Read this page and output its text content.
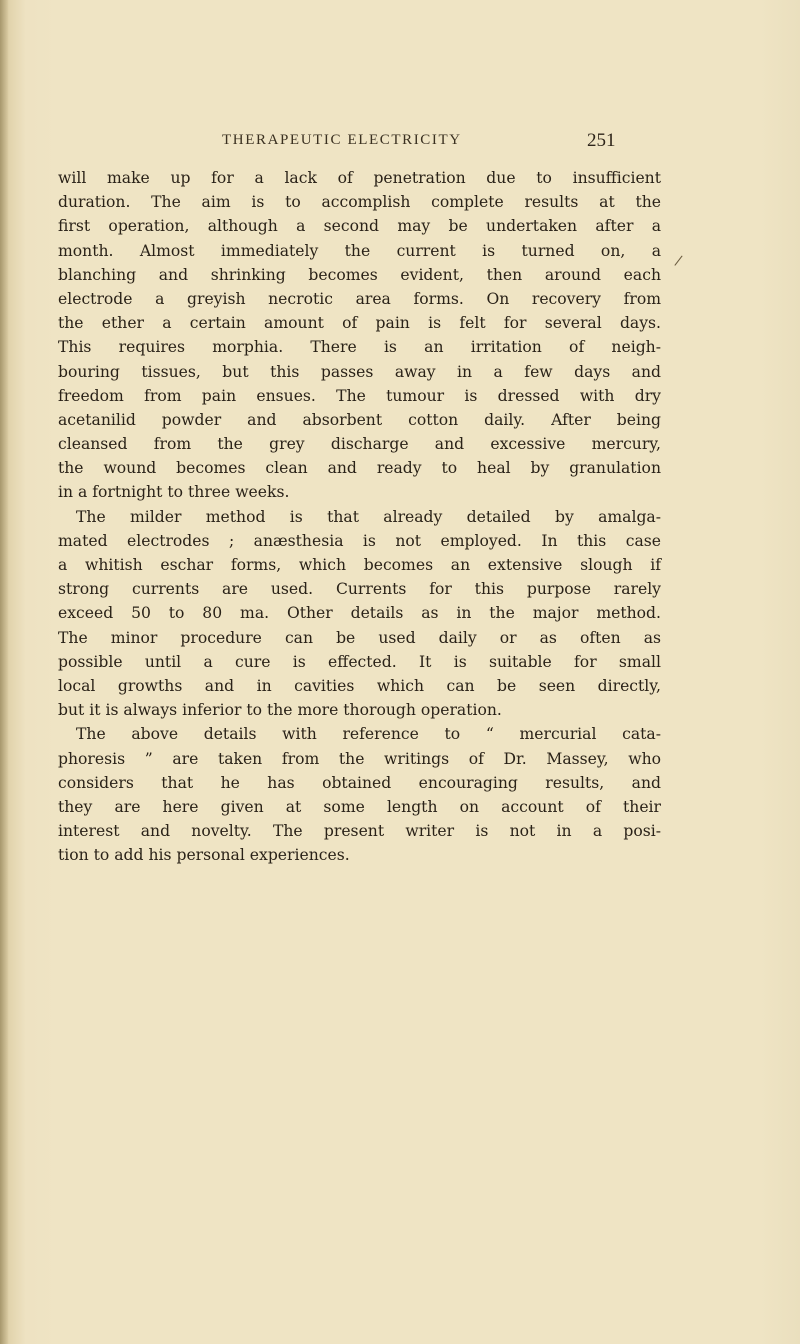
THERAPEUTIC ELECTRICITY	251
/
will make up for a lack of penetration due to insufficient
duration. The aim is to accomplish complete results at the
first operation, although a second may be undertaken after a
month. Almost immediately the current is turned on, a
blanching and shrinking becomes evident, then around each
electrode a greyish necrotic area forms. On recovery from
the ether a certain amount of pain is felt for several days.
This requires morphia. There is an irritation of neigh-
bouring tissues, but this passes away in a few days and
freedom from pain ensues. The tumour is dressed with dry
acetanilid powder and absorbent cotton daily. After being
cleansed from the grey discharge and excessive mercury,
the wound becomes clean and ready to heal by granulation
in a fortnight to three weeks.
The milder method is that already detailed by amalga-
mated electrodes ; anæsthesia is not employed. In this case
a whitish eschar forms, which becomes an extensive slough if
strong currents are used. Currents for this purpose rarely
exceed 50 to 80 ma. Other details as in the major method.
The minor procedure can be used daily or as often as
possible until a cure is effected. It is suitable for small
local growths and in cavities which can be seen directly,
but it is always inferior to the more thorough operation.
The above details with reference to “ mercurial cata-
phoresis ” are taken from the writings of Dr. Massey, who
considers that he has obtained encouraging results, and
they are here given at some length on account of their
interest and novelty. The present writer is not in a posi-
tion to add his personal experiences.
